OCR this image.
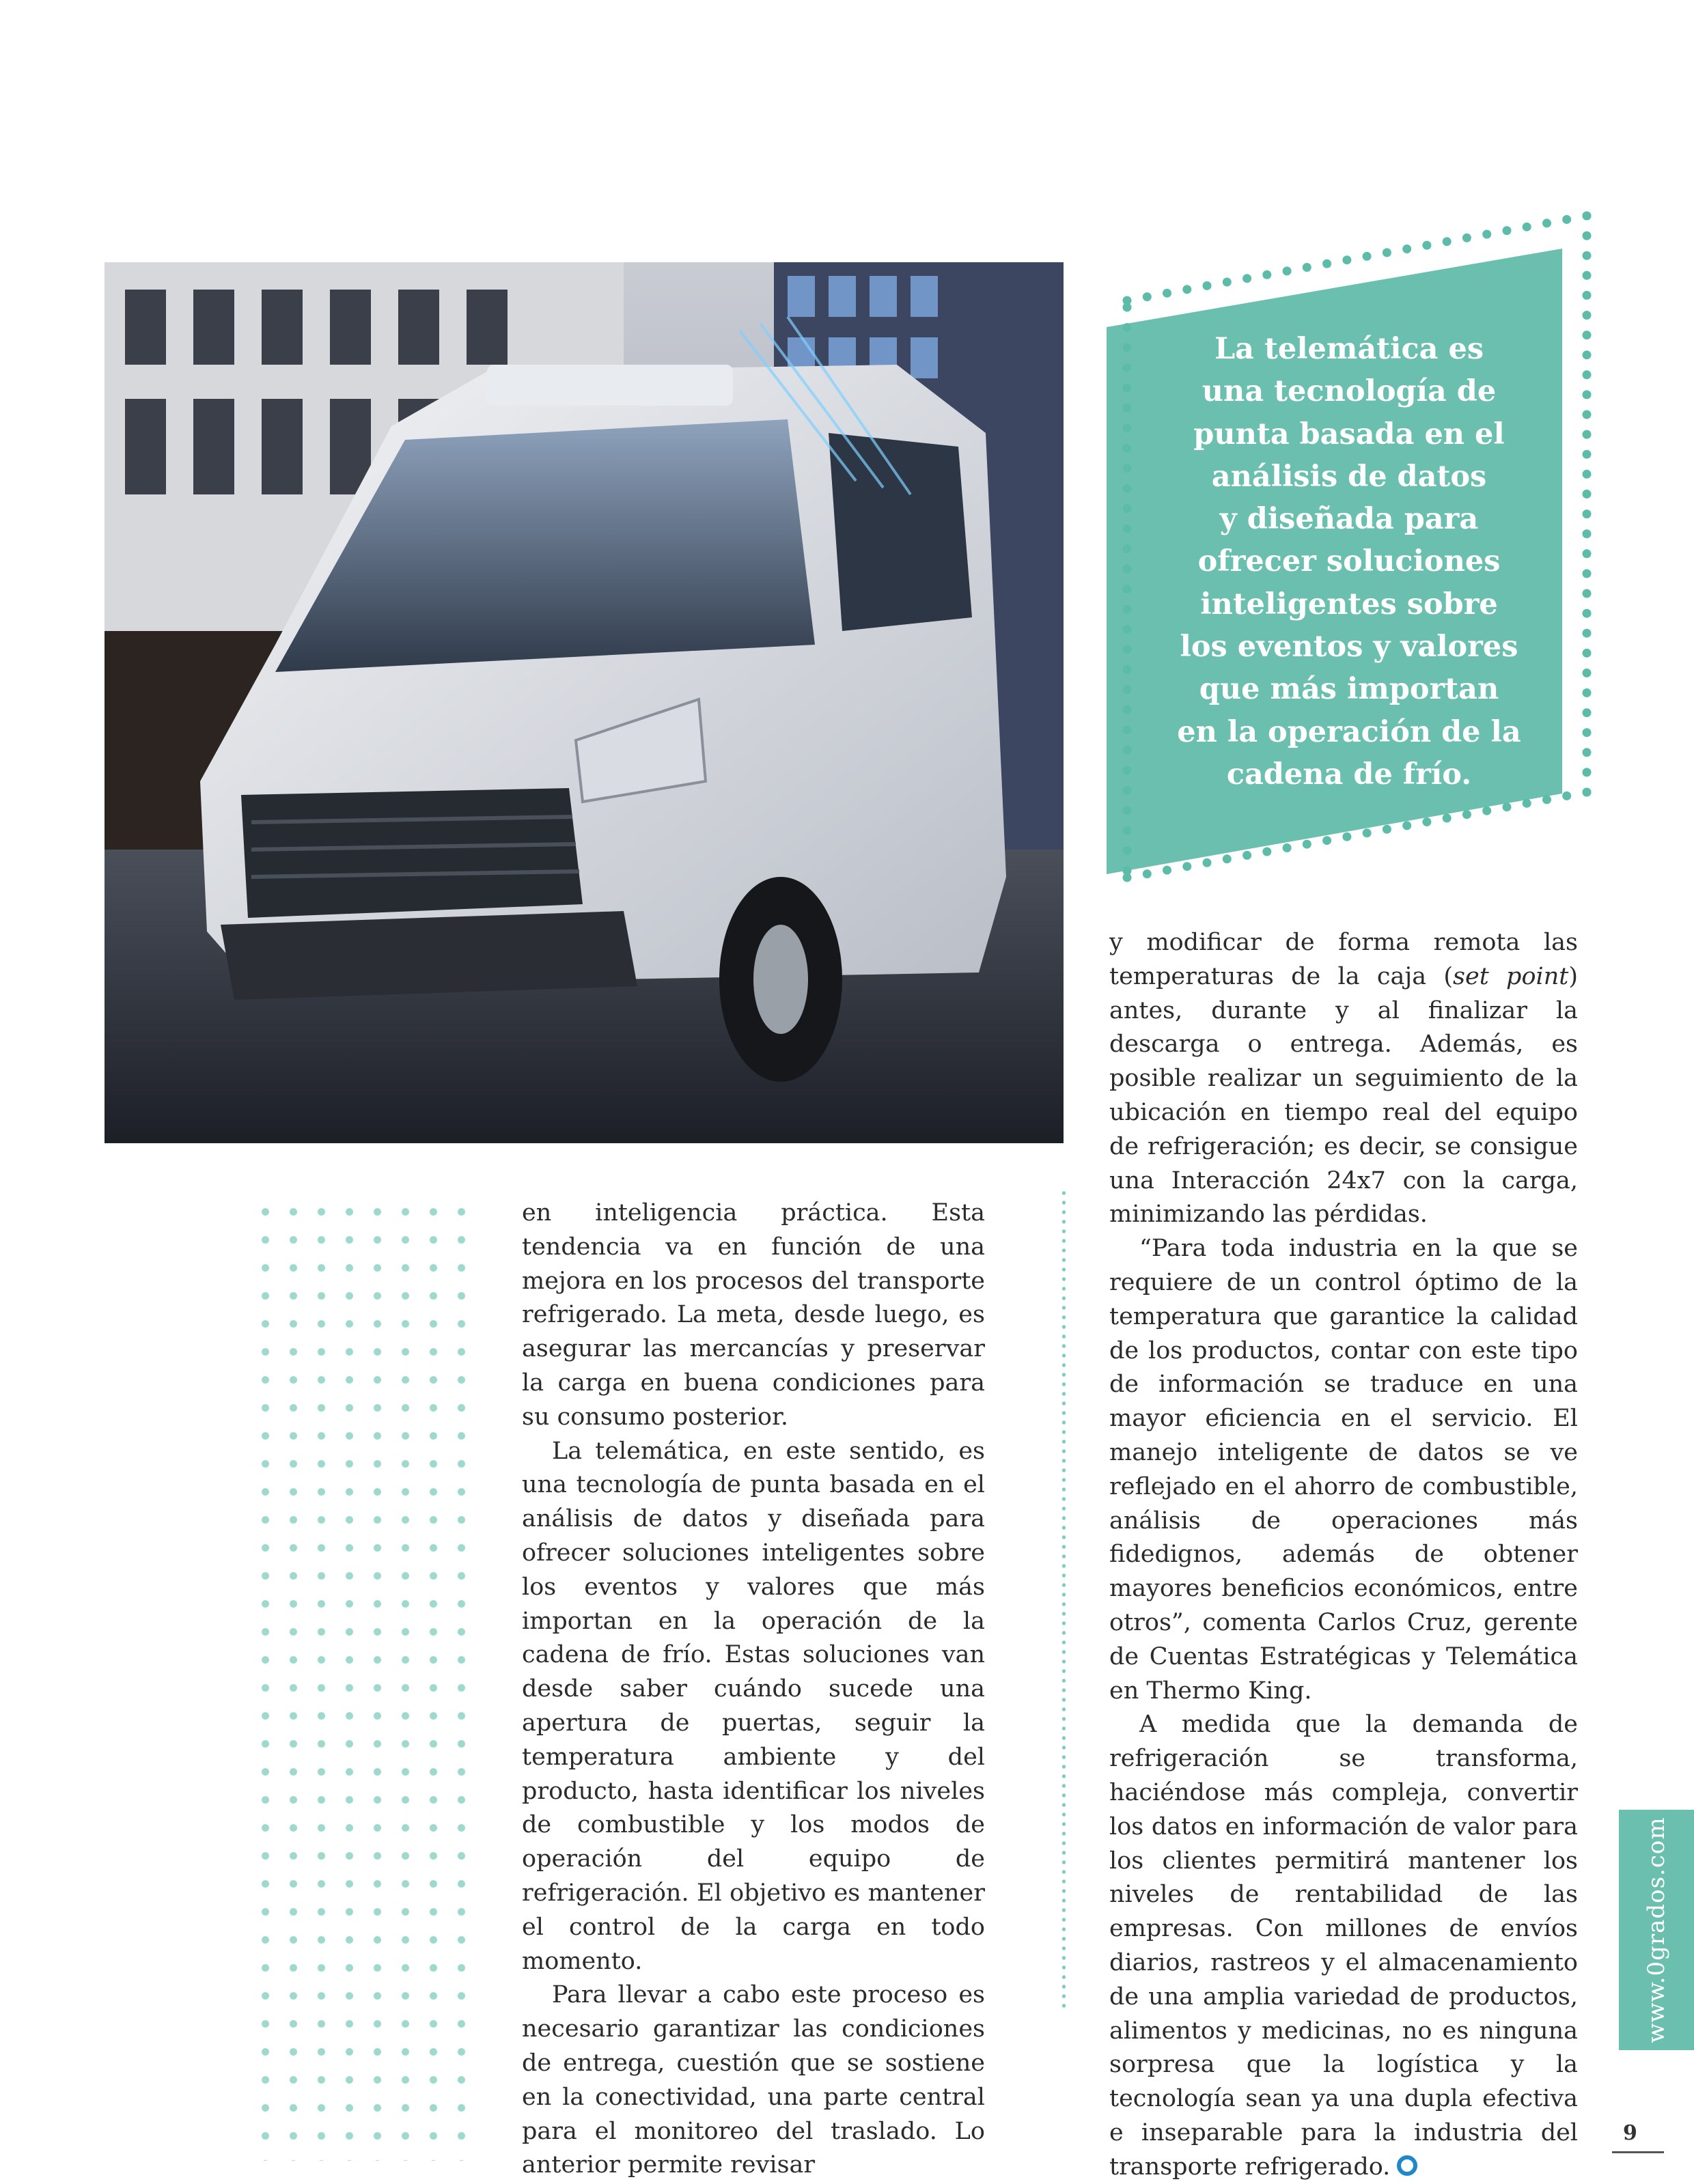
La telemática es
una tecnología de
punta basada en el
análisis de datos
y diseñada para
ofrecer soluciones
inteligentes sobre
los eventos y valores
que más importan
en la operación de la
cadena de frío.

en inteligencia práctica. Esta tendencia va en función de una mejora en los procesos del transporte refrigerado. La meta, desde luego, es asegurar las mercancías y preservar la carga en buena condiciones para su consumo posterior.

La telemática, en este sentido, es una tecnología de punta basada en el análisis de datos y diseñada para ofrecer soluciones inteligentes sobre los eventos y valores que más importan en la operación de la cadena de frío. Estas soluciones van desde saber cuándo sucede una apertura de puertas, seguir la temperatura ambiente y del producto, hasta identificar los niveles de combustible y los modos de operación del equipo de refrigeración. El objetivo es mantener el control de la carga en todo momento.

Para llevar a cabo este proceso es necesario garantizar las condiciones de entrega, cuestión que se sostiene en la conectividad, una parte central para el monitoreo del traslado. Lo anterior permite revisar

y modificar de forma remota las temperaturas de la caja (set point) antes, durante y al finalizar la descarga o entrega. Además, es posible realizar un seguimiento de la ubicación en tiempo real del equipo de refrigeración; es decir, se consigue una Interacción 24x7 con la carga, minimizando las pérdidas.

“Para toda industria en la que se requiere de un control óptimo de la temperatura que garantice la calidad de los productos, contar con este tipo de información se traduce en una mayor eficiencia en el servicio. El manejo inteligente de datos se ve reflejado en el ahorro de combustible, análisis de operaciones más fidedignos, además de obtener mayores beneficios económicos, entre otros”, comenta Carlos Cruz, gerente de Cuentas Estratégicas y Telemática en Thermo King.

A medida que la demanda de refrigeración se transforma, haciéndose más compleja, convertir los datos en información de valor para los clientes permitirá mantener los niveles de rentabilidad de las empresas. Con millones de envíos diarios, rastreos y el almacenamiento de una amplia variedad de productos, alimentos y medicinas, no es ninguna sorpresa que la logística y la tecnología sean ya una dupla efectiva e inseparable para la industria del transporte refrigerado.

www.0grados.com
9
